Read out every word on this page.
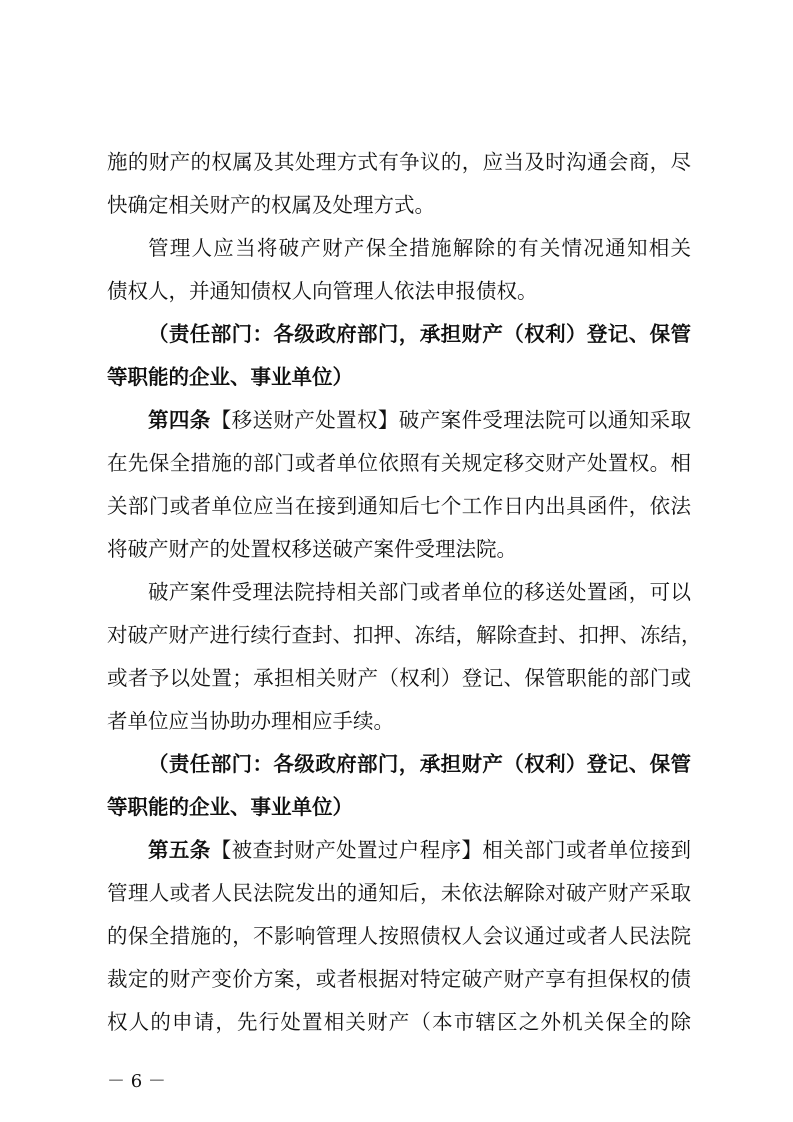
施的财产的权属及其处理方式有争议的，应当及时沟通会商，尽
快确定相关财产的权属及处理方式。
管理人应当将破产财产保全措施解除的有关情况通知相关
债权人，并通知债权人向管理人依法申报债权。
（责任部门：各级政府部门，承担财产（权利）登记、保管
等职能的企业、事业单位）
第四条【移送财产处置权】破产案件受理法院可以通知采取
在先保全措施的部门或者单位依照有关规定移交财产处置权。相
关部门或者单位应当在接到通知后七个工作日内出具函件，依法
将破产财产的处置权移送破产案件受理法院。
破产案件受理法院持相关部门或者单位的移送处置函，可以
对破产财产进行续行查封、扣押、冻结，解除查封、扣押、冻结，
或者予以处置；承担相关财产（权利）登记、保管职能的部门或
者单位应当协助办理相应手续。
（责任部门：各级政府部门，承担财产（权利）登记、保管
等职能的企业、事业单位）
第五条【被查封财产处置过户程序】相关部门或者单位接到
管理人或者人民法院发出的通知后，未依法解除对破产财产采取
的保全措施的，不影响管理人按照债权人会议通过或者人民法院
裁定的财产变价方案，或者根据对特定破产财产享有担保权的债
权人的申请，先行处置相关财产（本市辖区之外机关保全的除
－ 6 －
